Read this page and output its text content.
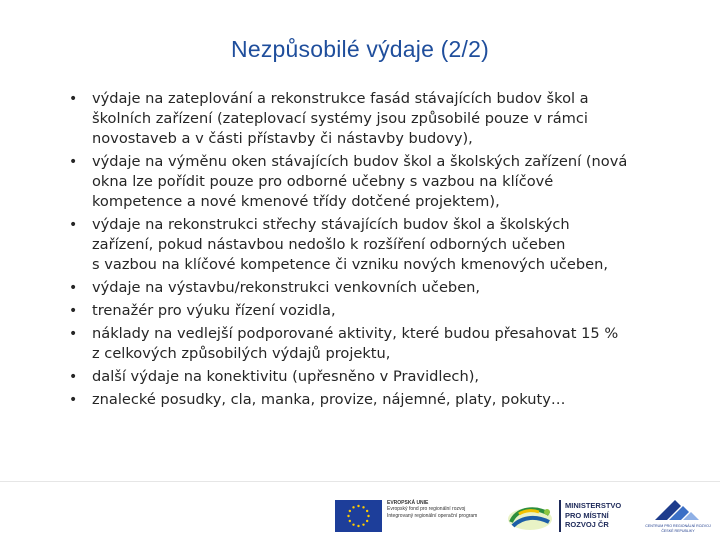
Nezpůsobilé výdaje (2/2)
• výdaje na zateplování a rekonstrukce fasád stávajících budov škol a
školních zařízení (zateplovací systémy jsou způsobilé pouze v rámci
novostaveb a v části přístavby či nástavby budovy),
• výdaje na výměnu oken stávajících budov škol a školských zařízení (nová
okna lze pořídit pouze pro odborné učebny s vazbou na klíčové
kompetence a nové kmenové třídy dotčené projektem),
• výdaje na rekonstrukci střechy stávajících budov škol a školských
zařízení, pokud nástavbou nedošlo k rozšíření odborných učeben
s vazbou na klíčové kompetence či vzniku nových kmenových učeben,
• výdaje na výstavbu/rekonstrukci venkovních učeben,
• trenažér pro výuku řízení vozidla,
• náklady na vedlejší podporované aktivity, které budou přesahovat 15 %
z celkových způsobilých výdajů projektu,
• další výdaje na konektivitu (upřesněno v Pravidlech),
• znalecké posudky, cla, manka, provize, nájemné, platy, pokuty…
EVROPSKÁ UNIE
Evropský fond pro regionální rozvoj
Integrovaný regionální operační program
MINISTERSTVO
PRO MÍSTNÍ
ROZVOJ ČR	CENTRUM PRO REGIONÁLNÍ ROZVOJ
ČESKÉ REPUBLIKY
